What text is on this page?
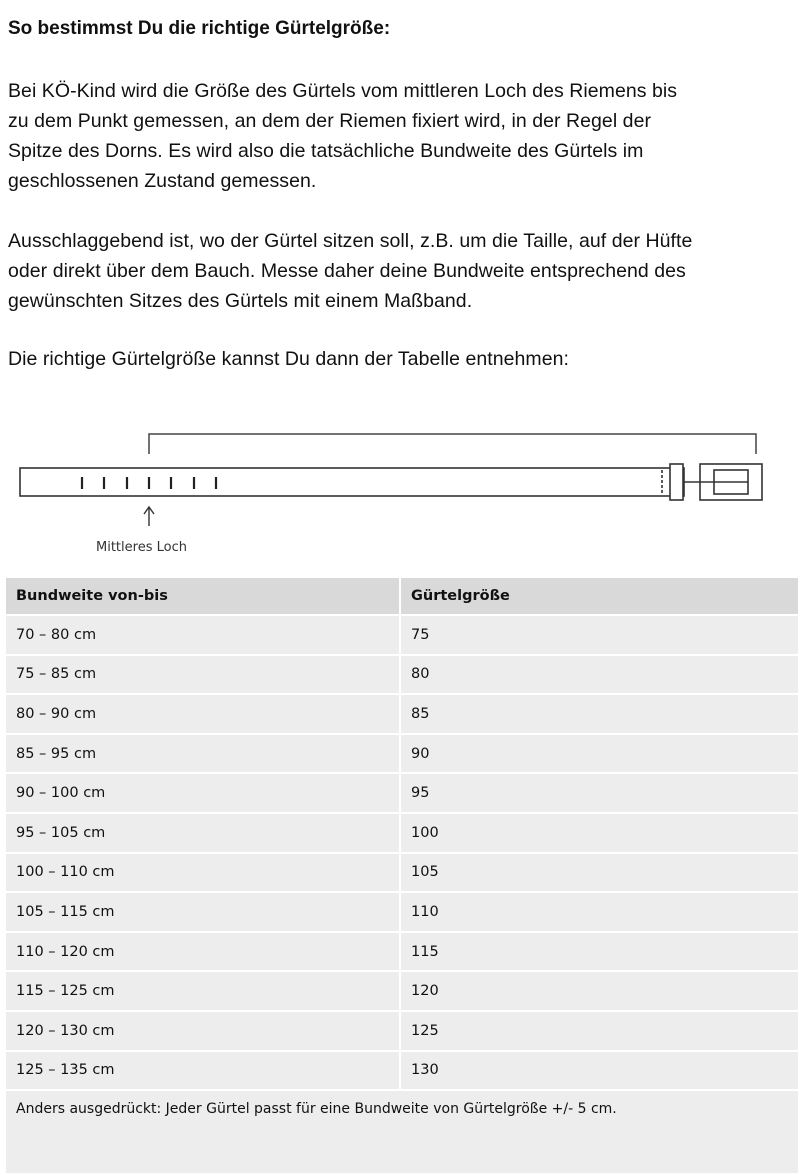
So bestimmst Du die richtige Gürtelgröße:

Bei KÖ-Kind wird die Größe des Gürtels vom mittleren Loch des Riemens bis
zu dem Punkt gemessen, an dem der Riemen fixiert wird, in der Regel der
Spitze des Dorns. Es wird also die tatsächliche Bundweite des Gürtels im
geschlossenen Zustand gemessen.

Ausschlaggebend ist, wo der Gürtel sitzen soll, z.B. um die Taille, auf der Hüfte
oder direkt über dem Bauch. Messe daher deine Bundweite entsprechend des
gewünschten Sitzes des Gürtels mit einem Maßband.

Die richtige Gürtelgröße kannst Du dann der Tabelle entnehmen:

Mittleres Loch
Bundweite von-bis	Gürtelgröße
70 – 80 cm	75
75 – 85 cm	80
80 – 90 cm	85
85 – 95 cm	90
90 – 100 cm	95
95 – 105 cm	100
100 – 110 cm	105
105 – 115 cm	110
110 – 120 cm	115
115 – 125 cm	120
120 – 130 cm	125
125 – 135 cm	130
Anders ausgedrückt: Jeder Gürtel passt für eine Bundweite von Gürtelgröße +/- 5 cm.	
